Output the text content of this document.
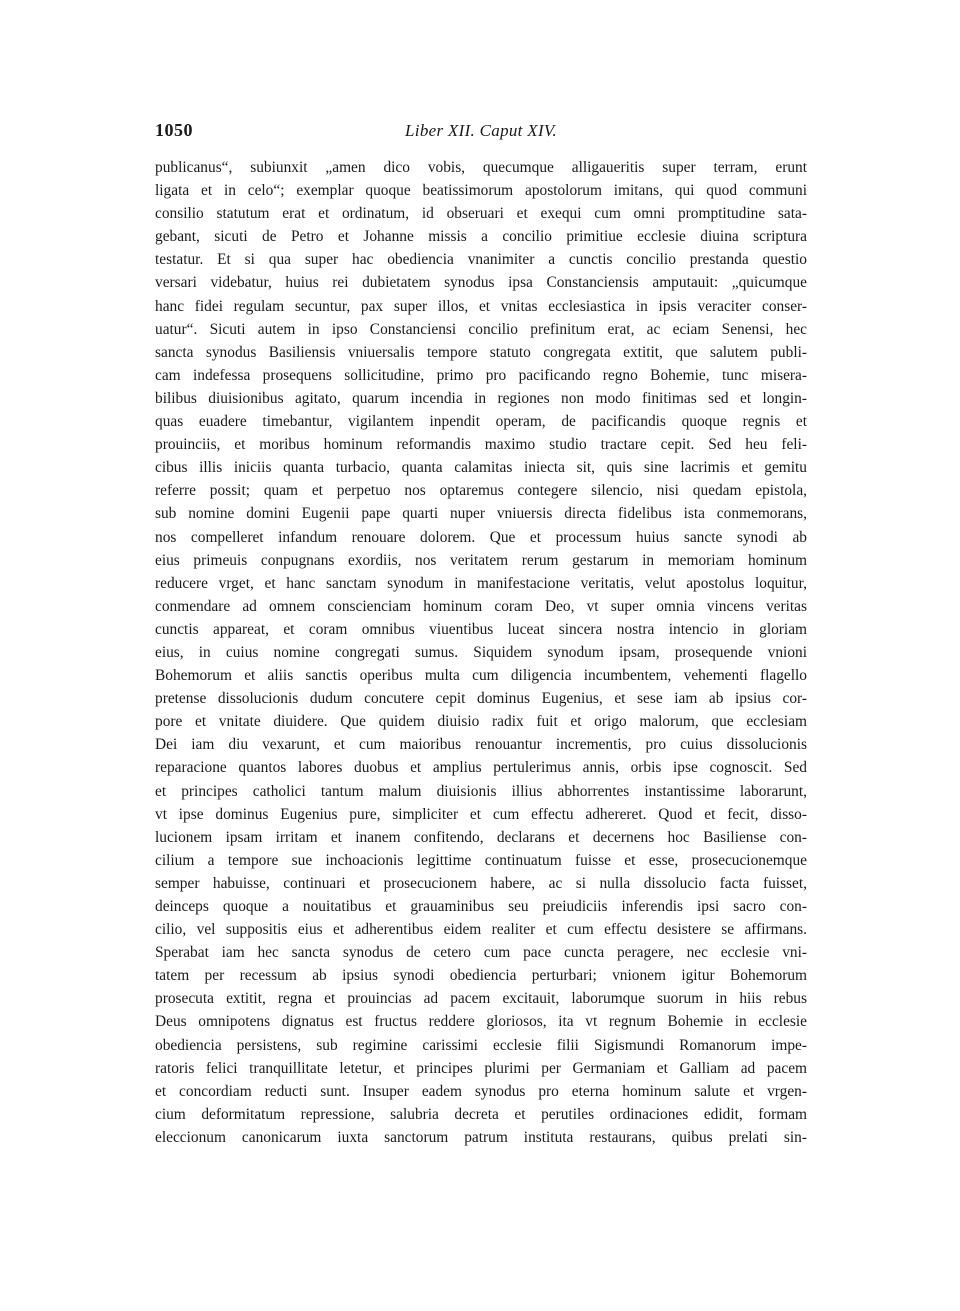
1050	Liber XII. Caput XIV.
publicanus“, subiunxit „amen dico vobis, quecumque alligaueritis super terram, erunt
ligata et in celo“; exemplar quoque beatissimorum apostolorum imitans, qui quod communi
consilio statutum erat et ordinatum, id obseruari et exequi cum omni promptitudine sata-
gebant, sicuti de Petro et Johanne missis a concilio primitiue ecclesie diuina scriptura
testatur. Et si qua super hac obediencia vnanimiter a cunctis concilio prestanda questio
versari videbatur, huius rei dubietatem synodus ipsa Constanciensis amputauit: „quicumque
hanc fidei regulam secuntur, pax super illos, et vnitas ecclesiastica in ipsis veraciter conser-
uatur“. Sicuti autem in ipso Constanciensi concilio prefinitum erat, ac eciam Senensi, hec
sancta synodus Basiliensis vniuersalis tempore statuto congregata extitit, que salutem publi-
cam indefessa prosequens sollicitudine, primo pro pacificando regno Bohemie, tunc misera-
bilibus diuisionibus agitato, quarum incendia in regiones non modo finitimas sed et longin-
quas euadere timebantur, vigilantem inpendit operam, de pacificandis quoque regnis et
prouinciis, et moribus hominum reformandis maximo studio tractare cepit. Sed heu feli-
cibus illis iniciis quanta turbacio, quanta calamitas iniecta sit, quis sine lacrimis et gemitu
referre possit; quam et perpetuo nos optaremus contegere silencio, nisi quedam epistola,
sub nomine domini Eugenii pape quarti nuper vniuersis directa fidelibus ista conmemorans,
nos compelleret infandum renouare dolorem. Que et processum huius sancte synodi ab
eius primeuis conpugnans exordiis, nos veritatem rerum gestarum in memoriam hominum
reducere vrget, et hanc sanctam synodum in manifestacione veritatis, velut apostolus loquitur,
conmendare ad omnem conscienciam hominum coram Deo, vt super omnia vincens veritas
cunctis appareat, et coram omnibus viuentibus luceat sincera nostra intencio in gloriam
eius, in cuius nomine congregati sumus. Siquidem synodum ipsam, prosequende vnioni
Bohemorum et aliis sanctis operibus multa cum diligencia incumbentem, vehementi flagello
pretense dissolucionis dudum concutere cepit dominus Eugenius, et sese iam ab ipsius cor-
pore et vnitate diuidere. Que quidem diuisio radix fuit et origo malorum, que ecclesiam
Dei iam diu vexarunt, et cum maioribus renouantur incrementis, pro cuius dissolucionis
reparacione quantos labores duobus et amplius pertulerimus annis, orbis ipse cognoscit. Sed
et principes catholici tantum malum diuisionis illius abhorrentes instantissime laborarunt,
vt ipse dominus Eugenius pure, simpliciter et cum effectu adhereret. Quod et fecit, disso-
lucionem ipsam irritam et inanem confitendo, declarans et decernens hoc Basiliense con-
cilium a tempore sue inchoacionis legittime continuatum fuisse et esse, prosecucionemque
semper habuisse, continuari et prosecucionem habere, ac si nulla dissolucio facta fuisset,
deinceps quoque a nouitatibus et grauaminibus seu preiudiciis inferendis ipsi sacro con-
cilio, vel suppositis eius et adherentibus eidem realiter et cum effectu desistere se affirmans.
Sperabat iam hec sancta synodus de cetero cum pace cuncta peragere, nec ecclesie vni-
tatem per recessum ab ipsius synodi obediencia perturbari; vnionem igitur Bohemorum
prosecuta extitit, regna et prouincias ad pacem excitauit, laborumque suorum in hiis rebus
Deus omnipotens dignatus est fructus reddere gloriosos, ita vt regnum Bohemie in ecclesie
obediencia persistens, sub regimine carissimi ecclesie filii Sigismundi Romanorum impe-
ratoris felici tranquillitate letetur, et principes plurimi per Germaniam et Galliam ad pacem
et concordiam reducti sunt. Insuper eadem synodus pro eterna hominum salute et vrgen-
cium deformitatum repressione, salubria decreta et perutiles ordinaciones edidit, formam
eleccionum canonicarum iuxta sanctorum patrum instituta restaurans, quibus prelati sin-
